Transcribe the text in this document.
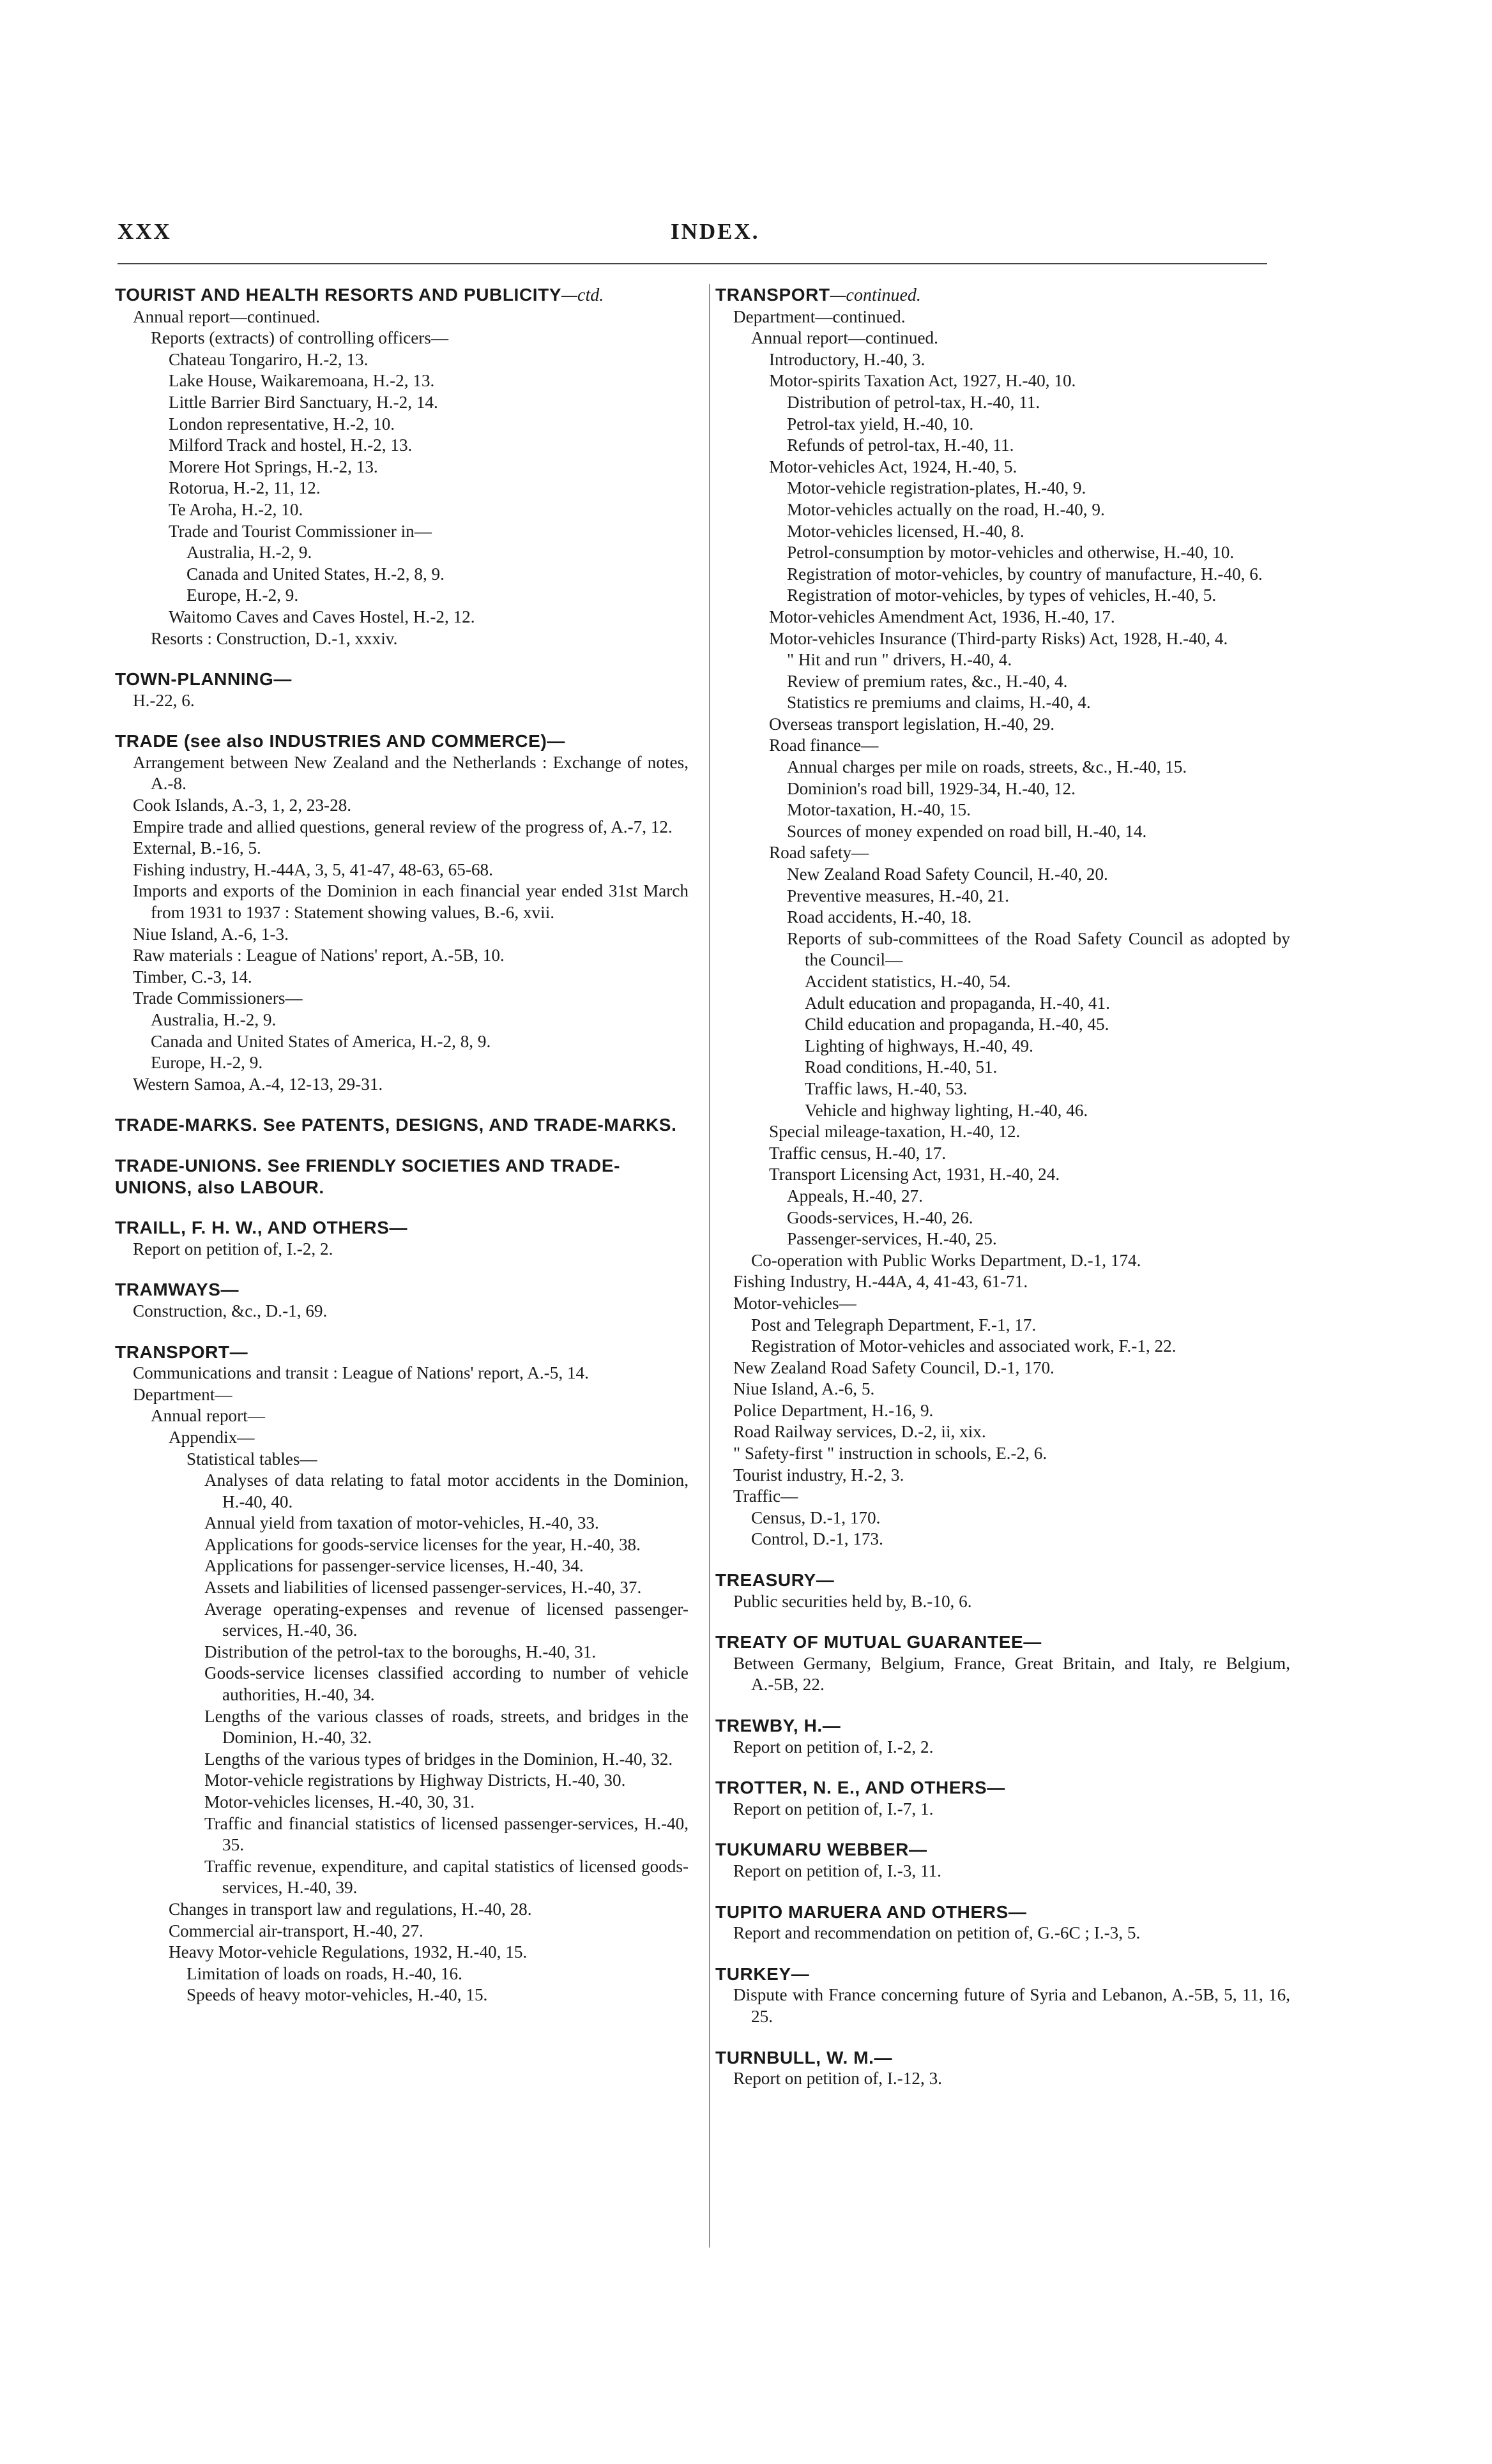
XXX	INDEX.
TOURIST AND HEALTH RESORTS AND PUBLICITY—ctd.
Annual report—continued.
Reports (extracts) of controlling officers—
Chateau Tongariro, H.-2, 13.
Lake House, Waikaremoana, H.-2, 13.
Little Barrier Bird Sanctuary, H.-2, 14.
London representative, H.-2, 10.
Milford Track and hostel, H.-2, 13.
Morere Hot Springs, H.-2, 13.
Rotorua, H.-2, 11, 12.
Te Aroha, H.-2, 10.
Trade and Tourist Commissioner in—
Australia, H.-2, 9.
Canada and United States, H.-2, 8, 9.
Europe, H.-2, 9.
Waitomo Caves and Caves Hostel, H.-2, 12.
Resorts : Construction, D.-1, xxxiv.
TOWN-PLANNING—
H.-22, 6.
TRADE (see also INDUSTRIES AND COMMERCE)—
Arrangement between New Zealand and the Netherlands : Exchange of notes, A.-8.
Cook Islands, A.-3, 1, 2, 23-28.
Empire trade and allied questions, general review of the progress of, A.-7, 12.
External, B.-16, 5.
Fishing industry, H.-44A, 3, 5, 41-47, 48-63, 65-68.
Imports and exports of the Dominion in each financial year ended 31st March from 1931 to 1937 : Statement showing values, B.-6, xvii.
Niue Island, A.-6, 1-3.
Raw materials : League of Nations' report, A.-5B, 10.
Timber, C.-3, 14.
Trade Commissioners—
Australia, H.-2, 9.
Canada and United States of America, H.-2, 8, 9.
Europe, H.-2, 9.
Western Samoa, A.-4, 12-13, 29-31.
TRADE-MARKS. See PATENTS, DESIGNS, AND TRADE-MARKS.
TRADE-UNIONS. See FRIENDLY SOCIETIES AND TRADE-UNIONS, also LABOUR.
TRAILL, F. H. W., AND OTHERS—
Report on petition of, I.-2, 2.
TRAMWAYS—
Construction, &c., D.-1, 69.
TRANSPORT—
Communications and transit : League of Nations' report, A.-5, 14.
Department—
Annual report—
Appendix—
Statistical tables—
Analyses of data relating to fatal motor accidents in the Dominion, H.-40, 40.
Annual yield from taxation of motor-vehicles, H.-40, 33.
Applications for goods-service licenses for the year, H.-40, 38.
Applications for passenger-service licenses, H.-40, 34.
Assets and liabilities of licensed passenger-services, H.-40, 37.
Average operating-expenses and revenue of licensed passenger-services, H.-40, 36.
Distribution of the petrol-tax to the boroughs, H.-40, 31.
Goods-service licenses classified according to number of vehicle authorities, H.-40, 34.
Lengths of the various classes of roads, streets, and bridges in the Dominion, H.-40, 32.
Lengths of the various types of bridges in the Dominion, H.-40, 32.
Motor-vehicle registrations by Highway Districts, H.-40, 30.
Motor-vehicles licenses, H.-40, 30, 31.
Traffic and financial statistics of licensed passenger-services, H.-40, 35.
Traffic revenue, expenditure, and capital statistics of licensed goods-services, H.-40, 39.
Changes in transport law and regulations, H.-40, 28.
Commercial air-transport, H.-40, 27.
Heavy Motor-vehicle Regulations, 1932, H.-40, 15.
Limitation of loads on roads, H.-40, 16.
Speeds of heavy motor-vehicles, H.-40, 15.
TRANSPORT—continued.
Department—continued.
Annual report—continued.
Introductory, H.-40, 3.
Motor-spirits Taxation Act, 1927, H.-40, 10.
Distribution of petrol-tax, H.-40, 11.
Petrol-tax yield, H.-40, 10.
Refunds of petrol-tax, H.-40, 11.
Motor-vehicles Act, 1924, H.-40, 5.
Motor-vehicle registration-plates, H.-40, 9.
Motor-vehicles actually on the road, H.-40, 9.
Motor-vehicles licensed, H.-40, 8.
Petrol-consumption by motor-vehicles and otherwise, H.-40, 10.
Registration of motor-vehicles, by country of manufacture, H.-40, 6.
Registration of motor-vehicles, by types of vehicles, H.-40, 5.
Motor-vehicles Amendment Act, 1936, H.-40, 17.
Motor-vehicles Insurance (Third-party Risks) Act, 1928, H.-40, 4.
" Hit and run " drivers, H.-40, 4.
Review of premium rates, &c., H.-40, 4.
Statistics re premiums and claims, H.-40, 4.
Overseas transport legislation, H.-40, 29.
Road finance—
Annual charges per mile on roads, streets, &c., H.-40, 15.
Dominion's road bill, 1929-34, H.-40, 12.
Motor-taxation, H.-40, 15.
Sources of money expended on road bill, H.-40, 14.
Road safety—
New Zealand Road Safety Council, H.-40, 20.
Preventive measures, H.-40, 21.
Road accidents, H.-40, 18.
Reports of sub-committees of the Road Safety Council as adopted by the Council—
Accident statistics, H.-40, 54.
Adult education and propaganda, H.-40, 41.
Child education and propaganda, H.-40, 45.
Lighting of highways, H.-40, 49.
Road conditions, H.-40, 51.
Traffic laws, H.-40, 53.
Vehicle and highway lighting, H.-40, 46.
Special mileage-taxation, H.-40, 12.
Traffic census, H.-40, 17.
Transport Licensing Act, 1931, H.-40, 24.
Appeals, H.-40, 27.
Goods-services, H.-40, 26.
Passenger-services, H.-40, 25.
Co-operation with Public Works Department, D.-1, 174.
Fishing Industry, H.-44A, 4, 41-43, 61-71.
Motor-vehicles—
Post and Telegraph Department, F.-1, 17.
Registration of Motor-vehicles and associated work, F.-1, 22.
New Zealand Road Safety Council, D.-1, 170.
Niue Island, A.-6, 5.
Police Department, H.-16, 9.
Road Railway services, D.-2, ii, xix.
" Safety-first " instruction in schools, E.-2, 6.
Tourist industry, H.-2, 3.
Traffic—
Census, D.-1, 170.
Control, D.-1, 173.
TREASURY—
Public securities held by, B.-10, 6.
TREATY OF MUTUAL GUARANTEE—
Between Germany, Belgium, France, Great Britain, and Italy, re Belgium, A.-5B, 22.
TREWBY, H.—
Report on petition of, I.-2, 2.
TROTTER, N. E., AND OTHERS—
Report on petition of, I.-7, 1.
TUKUMARU WEBBER—
Report on petition of, I.-3, 11.
TUPITO MARUERA AND OTHERS—
Report and recommendation on petition of, G.-6C ; I.-3, 5.
TURKEY—
Dispute with France concerning future of Syria and Lebanon, A.-5B, 5, 11, 16, 25.
TURNBULL, W. M.—
Report on petition of, I.-12, 3.
